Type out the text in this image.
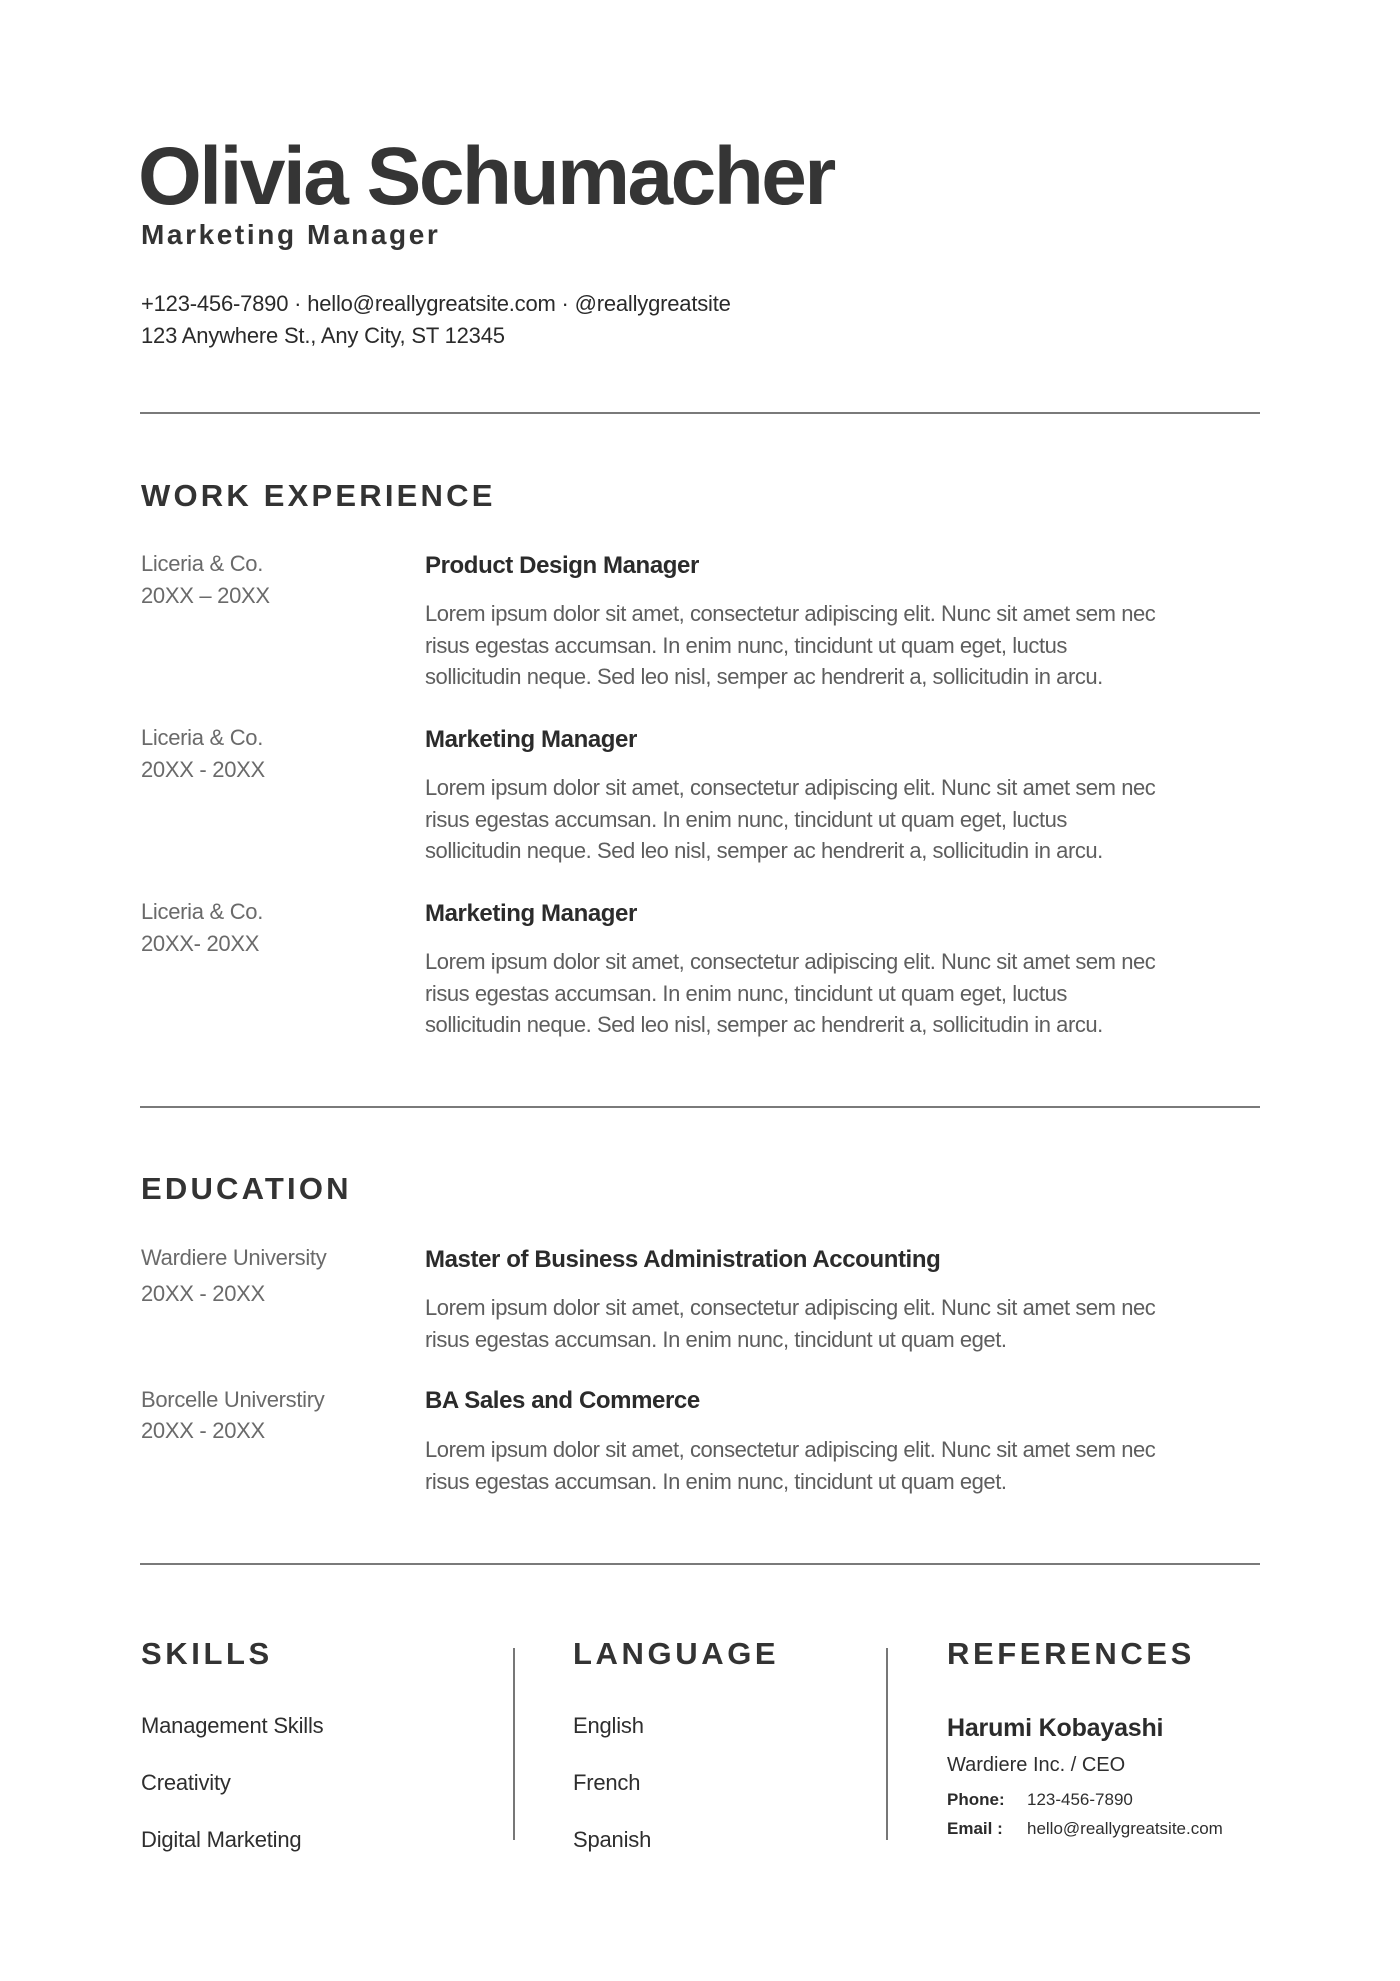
Olivia Schumacher
Marketing Manager
+123-456-7890 · hello@reallygreatsite.com · @reallygreatsite
123 Anywhere St., Any City, ST 12345
WORK EXPERIENCE
Liceria & Co.
20XX – 20XX
Product Design Manager
Lorem ipsum dolor sit amet, consectetur adipiscing elit. Nunc sit amet sem nec
risus egestas accumsan. In enim nunc, tincidunt ut quam eget, luctus
sollicitudin neque. Sed leo nisl, semper ac hendrerit a, sollicitudin in arcu.
Liceria & Co.
20XX - 20XX
Marketing Manager
Lorem ipsum dolor sit amet, consectetur adipiscing elit. Nunc sit amet sem nec
risus egestas accumsan. In enim nunc, tincidunt ut quam eget, luctus
sollicitudin neque. Sed leo nisl, semper ac hendrerit a, sollicitudin in arcu.
Liceria & Co.
20XX- 20XX
Marketing Manager
Lorem ipsum dolor sit amet, consectetur adipiscing elit. Nunc sit amet sem nec
risus egestas accumsan. In enim nunc, tincidunt ut quam eget, luctus
sollicitudin neque. Sed leo nisl, semper ac hendrerit a, sollicitudin in arcu.
EDUCATION
Wardiere University
20XX - 20XX
Master of Business Administration Accounting
Lorem ipsum dolor sit amet, consectetur adipiscing elit. Nunc sit amet sem nec
risus egestas accumsan. In enim nunc, tincidunt ut quam eget.
Borcelle Universtiry
20XX - 20XX
BA Sales and Commerce
Lorem ipsum dolor sit amet, consectetur adipiscing elit. Nunc sit amet sem nec
risus egestas accumsan. In enim nunc, tincidunt ut quam eget.
SKILLS
Management Skills
Creativity
Digital Marketing
LANGUAGE
English
French
Spanish
REFERENCES
Harumi Kobayashi
Wardiere Inc. / CEO
Phone: 123-456-7890
Email : hello@reallygreatsite.com
